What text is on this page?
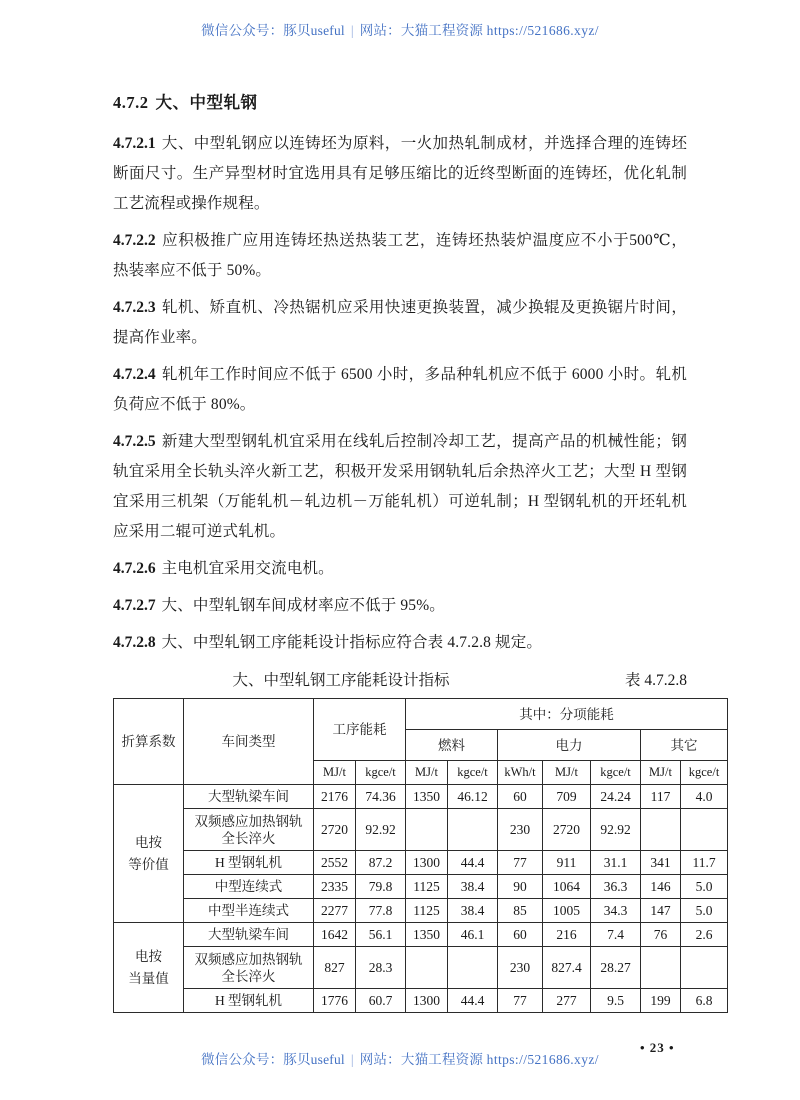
微信公众号：豚贝useful | 网站：大猫工程资源 https://521686.xyz/
4.7.2 大、中型轧钢

4.7.2.1 大、中型轧钢应以连铸坯为原料，一火加热轧制成材，并选择合理的连铸坯断面尺寸。生产异型材时宜选用具有足够压缩比的近终型断面的连铸坯，优化轧制工艺流程或操作规程。

4.7.2.2 应积极推广应用连铸坯热送热装工艺，连铸坯热装炉温度应不小于500℃，热装率应不低于 50%。

4.7.2.3 轧机、矫直机、冷热锯机应采用快速更换装置，减少换辊及更换锯片时间，提高作业率。

4.7.2.4 轧机年工作时间应不低于 6500 小时，多品种轧机应不低于 6000 小时。轧机负荷应不低于 80%。

4.7.2.5 新建大型型钢轧机宜采用在线轧后控制冷却工艺，提高产品的机械性能；钢轨宜采用全长轨头淬火新工艺，积极开发采用钢轨轧后余热淬火工艺；大型 H 型钢宜采用三机架（万能轧机－轧边机－万能轧机）可逆轧制；H 型钢轧机的开坯轧机应采用二辊可逆式轧机。

4.7.2.6 主电机宜采用交流电机。

4.7.2.7 大、中型轧钢车间成材率应不低于 95%。

4.7.2.8 大、中型轧钢工序能耗设计指标应符合表 4.7.2.8 规定。

大、中型轧钢工序能耗设计指标	表 4.7.2.8
折算系数	车间类型	工序能耗		其中：分项能耗						
				燃料		电力			其它	
		MJ/t	kgce/t	MJ/t	kgce/t	kWh/t	MJ/t	kgce/t	MJ/t	kgce/t

电按
等价值	大型轨梁车间	2176	74.36	1350	46.12	60	709	24.24	117	4.0

	双频感应加热钢轨
全长淬火	2720	92.92			230	2720	92.92		
	H 型钢轧机	2552	87.2	1300	44.4	77	911	31.1	341	11.7
	中型连续式	2335	79.8	1125	38.4	90	1064	36.3	146	5.0
	中型半连续式	2277	77.8	1125	38.4	85	1005	34.3	147	5.0

电按
当量值	大型轨梁车间	1642	56.1	1350	46.1	60	216	7.4	76	2.6

	双频感应加热钢轨
全长淬火	827	28.3			230	827.4	28.27		
	H 型钢轧机	1776	60.7	1300	44.4	77	277	9.5	199	6.8
微信公众号：豚贝useful | 网站：大猫工程资源 https://521686.xyz/
• 23 •
